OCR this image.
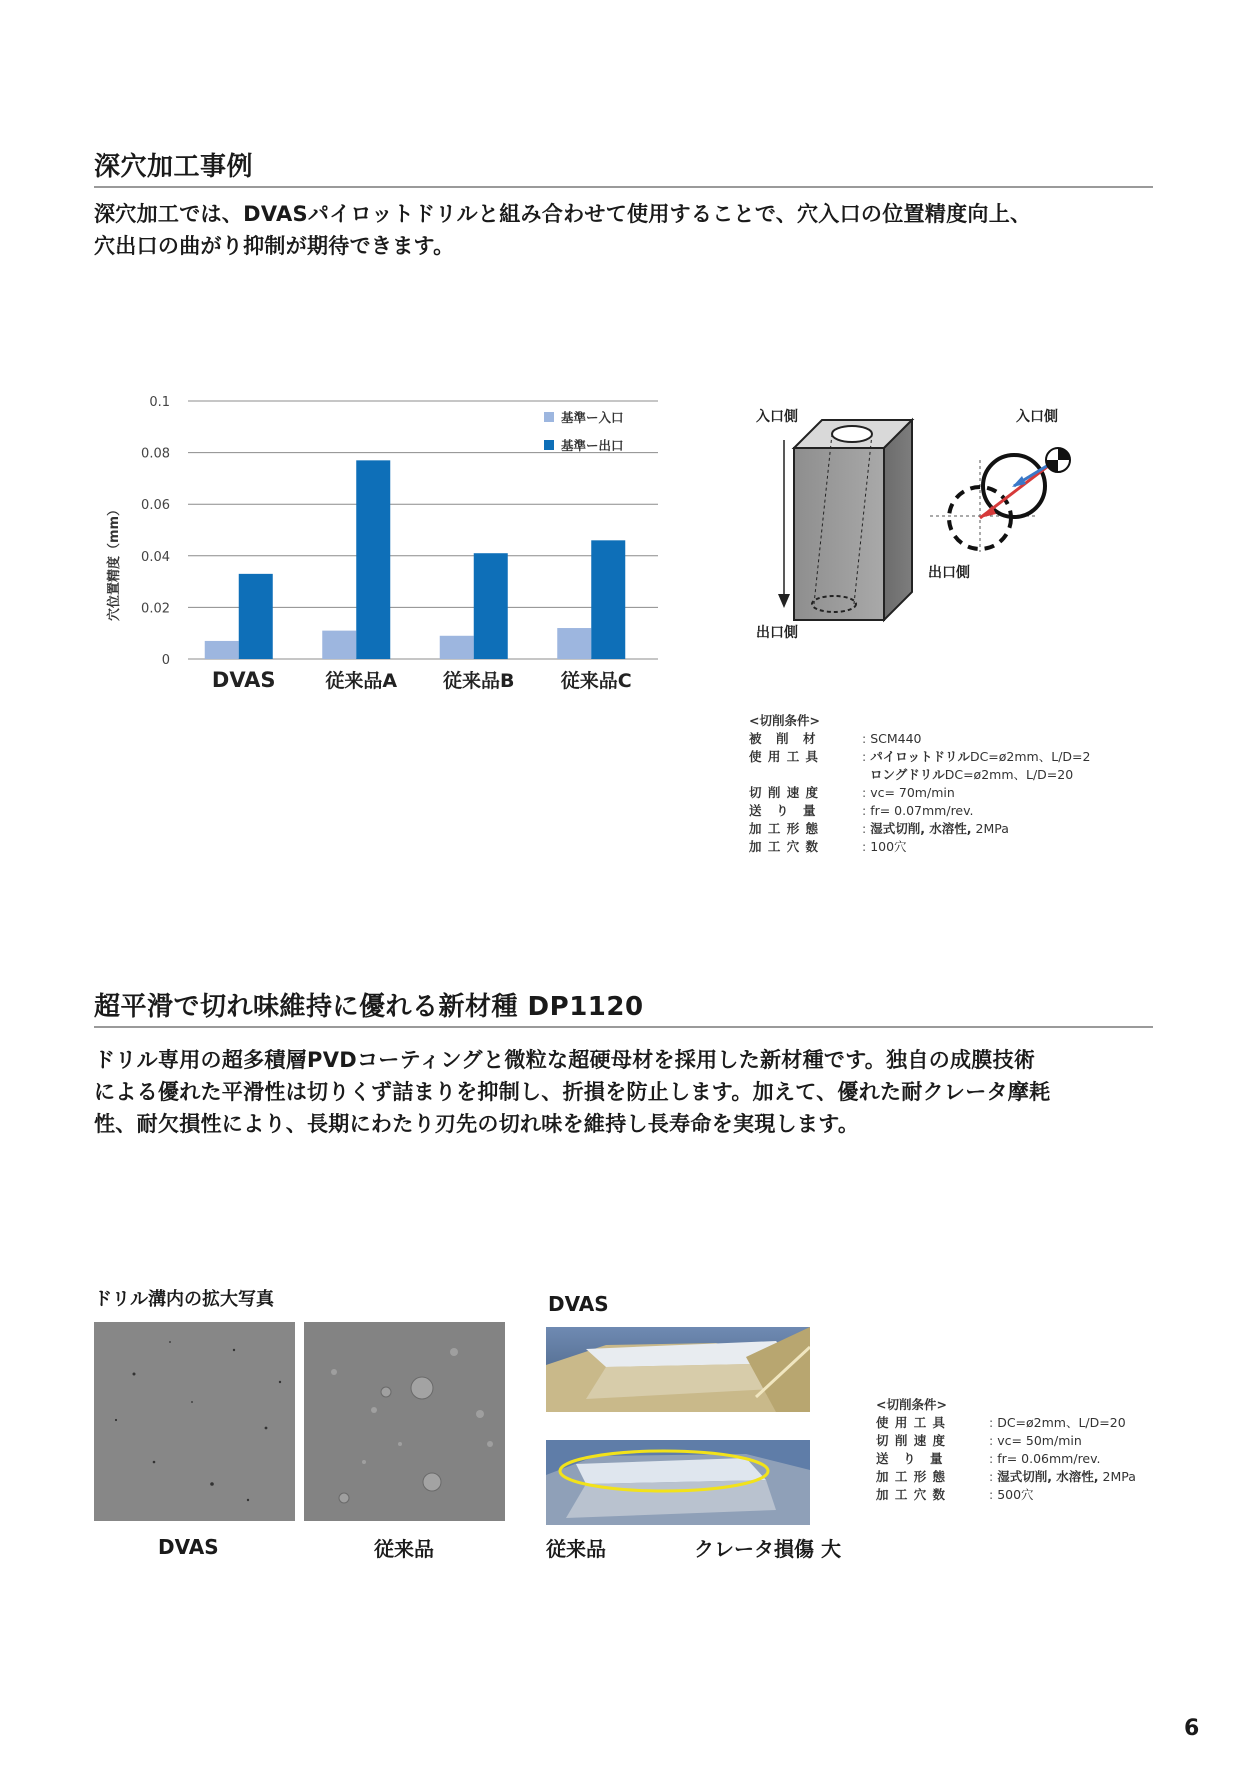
深穴加工事例
深穴加工では、DVASパイロットドリルと組み合わせて使用することで、穴入口の位置精度向上、
穴出口の曲がり抑制が期待できます。
0
0.02
0.04
0.06
0.08
0.1
DVAS	従来品A 従来品B 従来品C
穴位置精度（mm）
基準ー入口
基準ー出口
入口側
出口側
入口側
出口側
<切削条件>
被　削　材	: SCM440
使 用 工 具	: パイロットドリルDC=ø2mm、L/D=2
ロングドリルDC=ø2mm、L/D=20
切 削 速 度	: vc= 70m/min
送　り　量	: fr= 0.07mm/rev.
加 工 形 態	: 湿式切削, 水溶性, 2MPa
加 工 穴 数	: 100穴
超平滑で切れ味維持に優れる新材種 DP1120
ドリル専用の超多積層PVDコーティングと微粒な超硬母材を採用した新材種です。独自の成膜技術
による優れた平滑性は切りくず詰まりを抑制し、折損を防止します。加えて、優れた耐クレータ摩耗
性、耐欠損性により、長期にわたり刃先の切れ味を維持し長寿命を実現します。
ドリル溝内の拡大写真
DVAS	従来品
DVAS
従来品	クレータ損傷 大
<切削条件>
使 用 工 具	: DC=ø2mm、L/D=20
切 削 速 度	: vc= 50m/min
送　り　量	: fr= 0.06mm/rev.
加 工 形 態	: 湿式切削, 水溶性, 2MPa
加 工 穴 数	: 500穴
6
